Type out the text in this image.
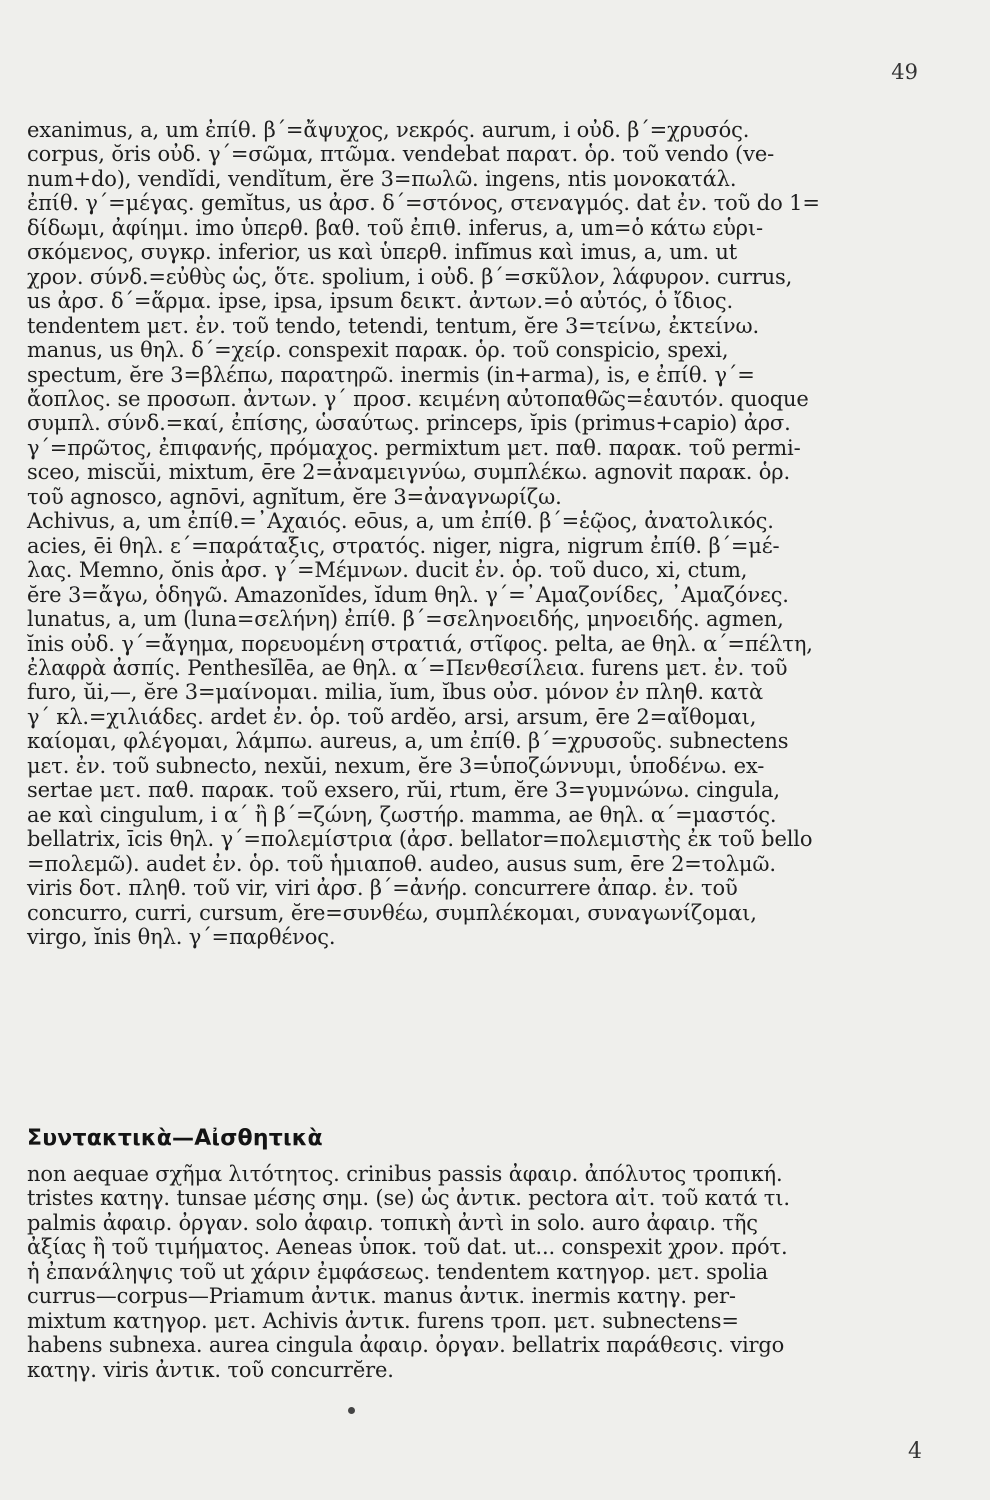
49
exanimus, a, um ἐπίθ. β΄=ἄψυχος, νεκρός. aurum, i οὐδ. β΄=χρυσός.
corpus, ŏris οὐδ. γ΄=σῶμα, πτῶμα. vendebat παρατ. ὁρ. τοῦ vendo (ve-
num+do), vendĭdi, vendĭtum, ĕre 3=πωλῶ. ingens, ntis μονοκατάλ.
ἐπίθ. γ΄=μέγας. gemĭtus, us ἀρσ. δ΄=στόνος, στεναγμός. dat ἐν. τοῦ do 1=
δίδωμι, ἀφίημι. imo ὑπερθ. βαθ. τοῦ ἐπιθ. inferus, a, um=ὁ κάτω εὑρι-
σκόμενος, συγκρ. inferior, us καὶ ὑπερθ. infĭmus καὶ imus, a, um. ut
χρον. σύνδ.=εὐθὺς ὡς, ὅτε. spolium, i οὐδ. β΄=σκῦλον, λάφυρον. currus,
us ἀρσ. δ΄=ἅρμα. ipse, ipsa, ipsum δεικτ. ἀντων.=ὁ αὐτός, ὁ ἴδιος.
tendentem μετ. ἐν. τοῦ tendo, tetendi, tentum, ĕre 3=τείνω, ἐκτείνω.
manus, us θηλ. δ΄=χείρ. conspexit παρακ. ὁρ. τοῦ conspicio, spexi,
spectum, ĕre 3=βλέπω, παρατηρῶ. inermis (in+arma), is, e ἐπίθ. γ΄=
ἄοπλος. se προσωπ. ἀντων. γ΄ προσ. κειμένη αὐτοπαθῶς=ἑαυτόν. quoque
συμπλ. σύνδ.=καί, ἐπίσης, ὡσαύτως. princeps, ĭpis (primus+capio) ἀρσ.
γ΄=πρῶτος, ἐπιφανής, πρόμαχος. permixtum μετ. παθ. παρακ. τοῦ permi-
sceo, miscŭi, mixtum, ēre 2=ἀναμειγνύω, συμπλέκω. agnovit παρακ. ὁρ.
τοῦ agnosco, agnōvi, agnĭtum, ĕre 3=ἀναγνωρίζω.
Achivus, a, um ἐπίθ.=᾿Αχαιός. eōus, a, um ἐπίθ. β΄=ἑῷος, ἀνατολικός.
acies, ēi θηλ. ε΄=παράταξις, στρατός. niger, nigra, nigrum ἐπίθ. β΄=μέ-
λας. Memno, ŏnis ἀρσ. γ΄=Μέμνων. ducit ἐν. ὁρ. τοῦ duco, xi, ctum,
ĕre 3=ἄγω, ὁδηγῶ. Amazonĭdes, ĭdum θηλ. γ΄=᾿Αμαζονίδες, ᾿Αμαζόνες.
lunatus, a, um (luna=σελήνη) ἐπίθ. β΄=σεληνοειδής, μηνοειδής. agmen,
ĭnis οὐδ. γ΄=ἄγημα, πορευομένη στρατιά, στῖφος. pelta, ae θηλ. α΄=πέλτη,
ἐλαφρὰ ἀσπίς. Penthesĭlēa, ae θηλ. α΄=Πενθεσίλεια. furens μετ. ἐν. τοῦ
furo, ŭi,—, ĕre 3=μαίνομαι. milia, ĭum, ĭbus οὐσ. μόνον ἐν πληθ. κατὰ
γ΄ κλ.=χιλιάδες. ardet ἐν. ὁρ. τοῦ ardĕo, arsi, arsum, ēre 2=αἴθομαι,
καίομαι, φλέγομαι, λάμπω. aureus, a, um ἐπίθ. β΄=χρυσοῦς. subnectens
μετ. ἐν. τοῦ subnecto, nexŭi, nexum, ĕre 3=ὑποζώννυμι, ὑποδένω. ex-
sertae μετ. παθ. παρακ. τοῦ exsero, rŭi, rtum, ĕre 3=γυμνώνω. cingula,
ae καὶ cingulum, i α΄ ἢ β΄=ζώνη, ζωστήρ. mamma, ae θηλ. α΄=μαστός.
bellatrix, īcis θηλ. γ΄=πολεμίστρια (ἀρσ. bellator=πολεμιστὴς ἐκ τοῦ bello
=πολεμῶ). audet ἐν. ὁρ. τοῦ ἡμιαποθ. audeo, ausus sum, ēre 2=τολμῶ.
viris δοτ. πληθ. τοῦ vir, viri ἀρσ. β΄=ἀνήρ. concurrere ἀπαρ. ἐν. τοῦ
concurro, curri, cursum, ĕre=συνθέω, συμπλέκομαι, συναγωνίζομαι,
virgo, ĭnis θηλ. γ΄=παρθένος.
Συντακτικὰ—Αἰσθητικὰ
non aequae σχῆμα λιτότητος. crinibus passis ἀφαιρ. ἀπόλυτος τροπική.
tristes κατηγ. tunsae μέσης σημ. (se) ὡς ἀντικ. pectora αἰτ. τοῦ κατά τι.
palmis ἀφαιρ. ὀργαν. solo ἀφαιρ. τοπικὴ ἀντὶ in solo. auro ἀφαιρ. τῆς
ἀξίας ἢ τοῦ τιμήματος. Aeneas ὑποκ. τοῦ dat. ut... conspexit χρον. πρότ.
ἡ ἐπανάληψις τοῦ ut χάριν ἐμφάσεως. tendentem κατηγορ. μετ. spolia
currus—corpus—Priamum ἀντικ. manus ἀντικ. inermis κατηγ. per-
mixtum κατηγορ. μετ. Achivis ἀντικ. furens τροπ. μετ. subnectens=
habens subnexa. aurea cingula ἀφαιρ. ὀργαν. bellatrix παράθεσις. virgo
κατηγ. viris ἀντικ. τοῦ concurrĕre.
4
